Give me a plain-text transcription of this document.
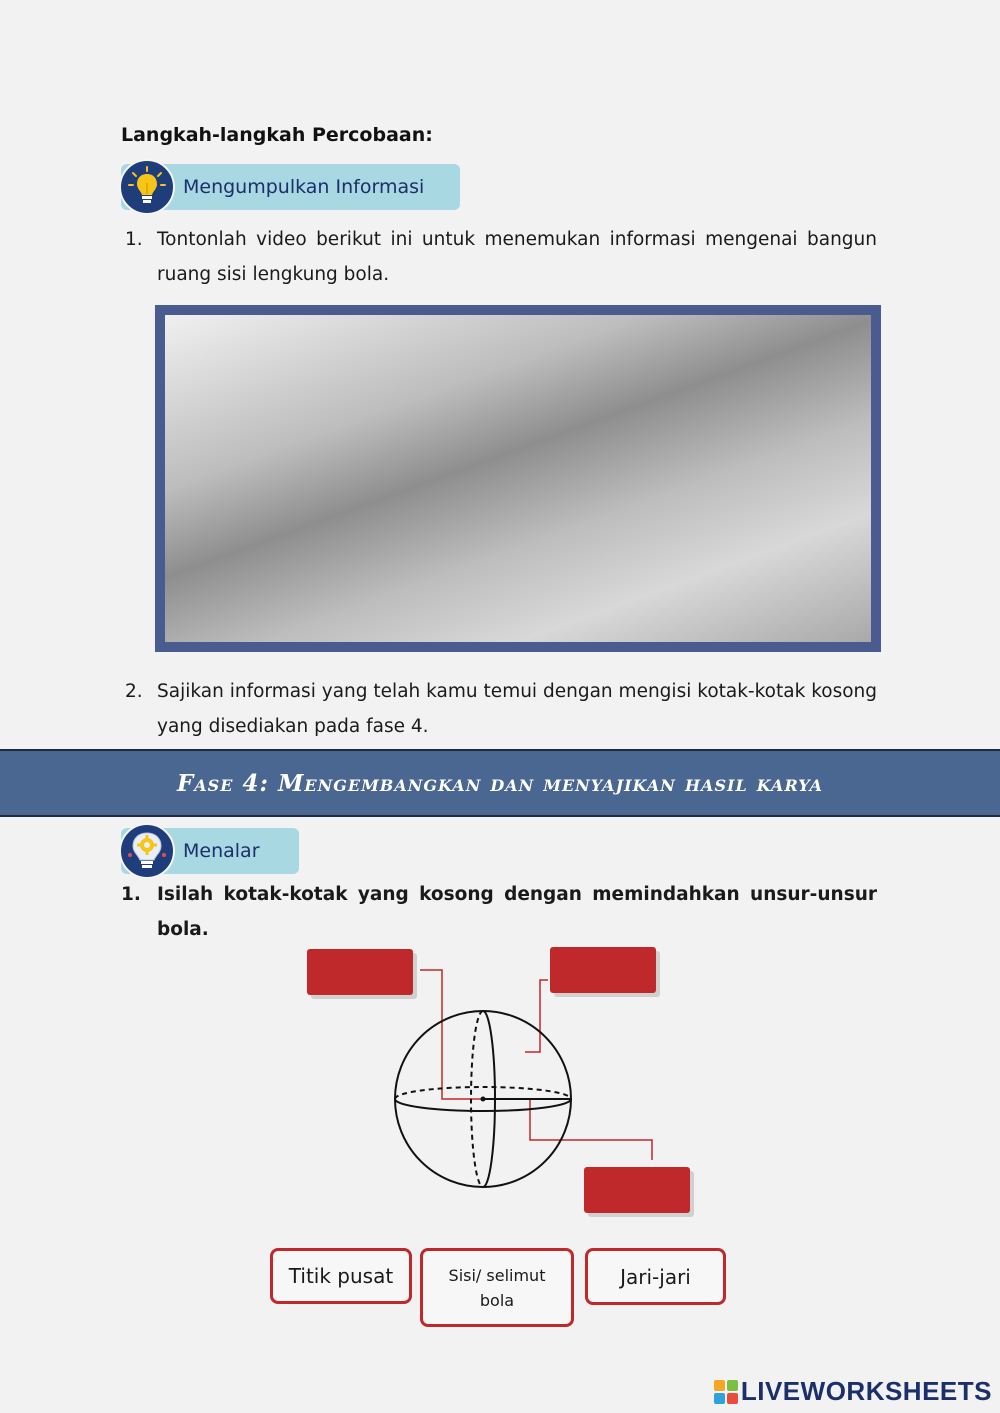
Langkah-langkah Percobaan:
Mengumpulkan Informasi
1. Tontonlah video berikut ini untuk menemukan informasi mengenai bangun ruang sisi lengkung bola.
2. Sajikan informasi yang telah kamu temui dengan mengisi kotak-kotak kosong yang disediakan pada fase 4.
Fase 4: Mengembangkan dan menyajikan hasil karya
Menalar
1. Isilah kotak-kotak yang kosong dengan memindahkan unsur-unsur bola.
Titik pusat	Sisi/ selimut
bola
Jari-jari
LIVEWORKSHEETS
